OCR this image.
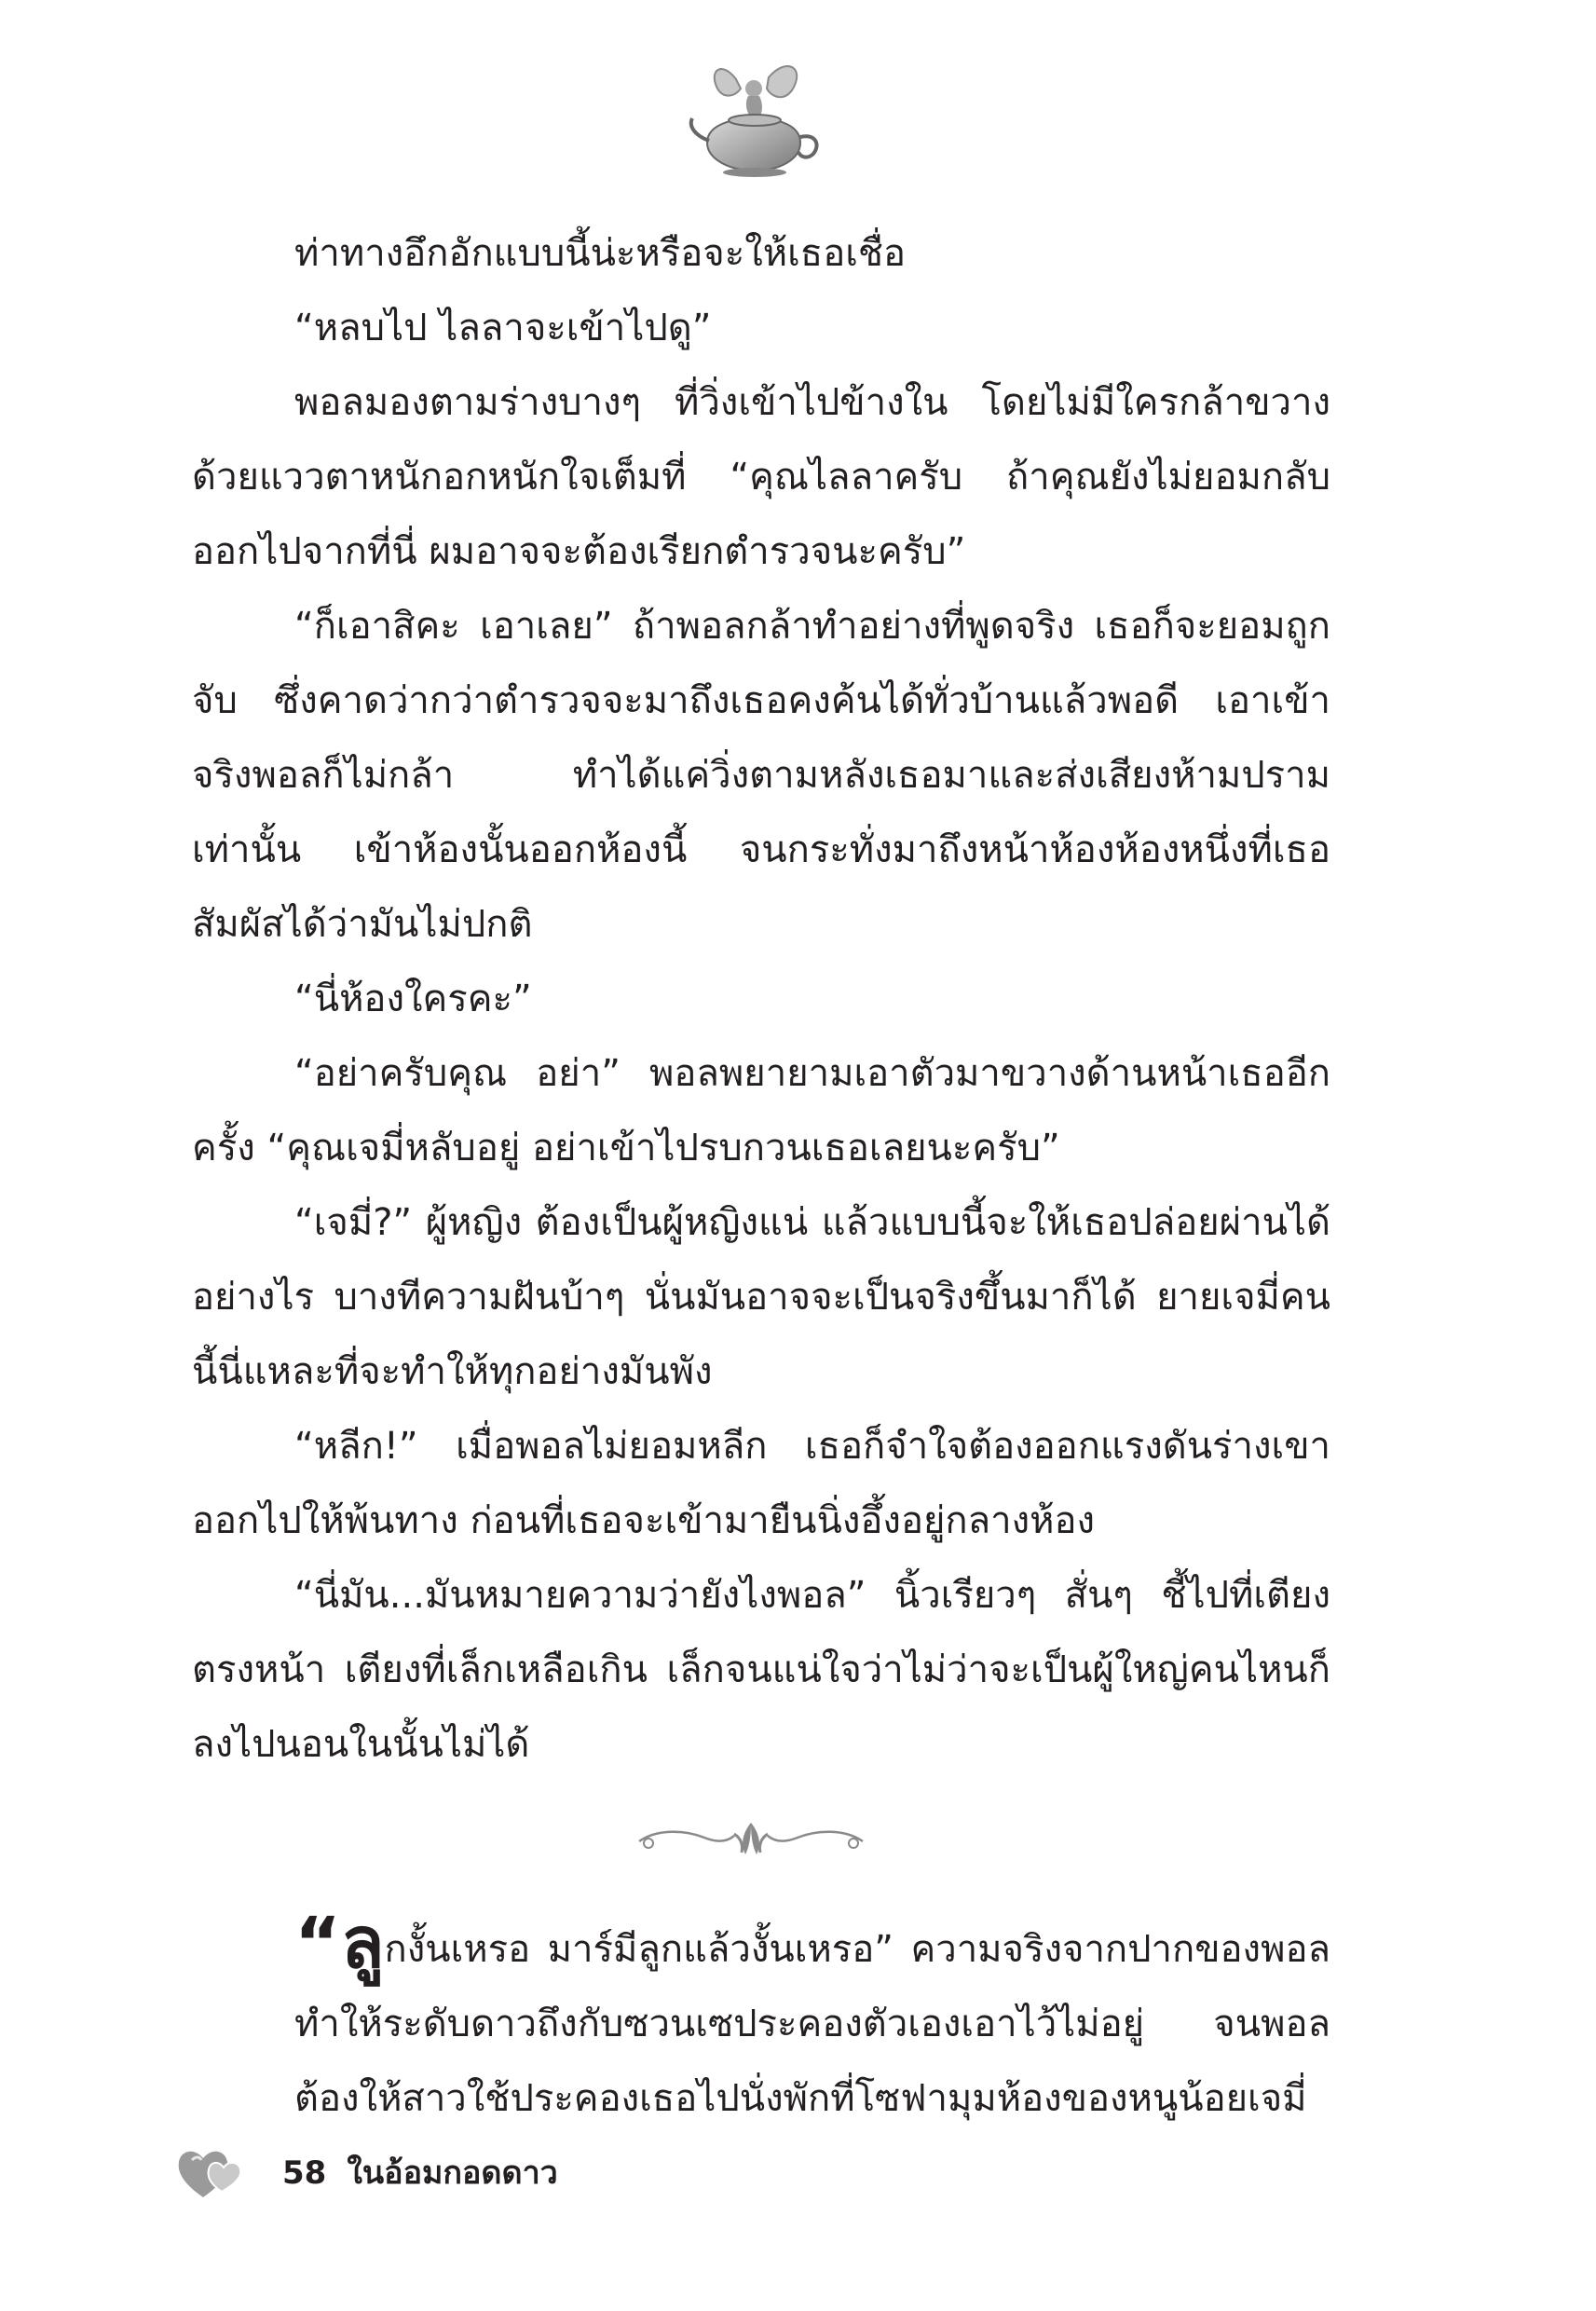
ท่าทางอึกอักแบบนี้น่ะหรือจะให้เธอเชื่อ

“หลบไป ไลลาจะเข้าไปดู”

พอลมองตามร่างบางๆ ที่วิ่งเข้าไปข้างใน โดยไม่มีใครกล้าขวางด้วยแววตาหนักอกหนักใจเต็มที่ “คุณไลลาครับ ถ้าคุณยังไม่ยอมกลับออกไปจากที่นี่ ผมอาจจะต้องเรียกตำรวจนะครับ”

“ก็เอาสิคะ เอาเลย” ถ้าพอลกล้าทำอย่างที่พูดจริง เธอก็จะยอมถูกจับ ซึ่งคาดว่ากว่าตำรวจจะมาถึงเธอคงค้นได้ทั่วบ้านแล้วพอดี เอาเข้าจริงพอลก็ไม่กล้า ทำได้แค่วิ่งตามหลังเธอมาและส่งเสียงห้ามปรามเท่านั้น เข้าห้องนั้นออกห้องนี้ จนกระทั่งมาถึงหน้าห้องห้องหนึ่งที่เธอสัมผัสได้ว่ามันไม่ปกติ

“นี่ห้องใครคะ”

“อย่าครับคุณ อย่า” พอลพยายามเอาตัวมาขวางด้านหน้าเธออีกครั้ง “คุณเจมี่หลับอยู่ อย่าเข้าไปรบกวนเธอเลยนะครับ”

“เจมี่?” ผู้หญิง ต้องเป็นผู้หญิงแน่ แล้วแบบนี้จะให้เธอปล่อยผ่านได้อย่างไร บางทีความฝันบ้าๆ นั่นมันอาจจะเป็นจริงขึ้นมาก็ได้ ยายเจมี่คนนี้นี่แหละที่จะทำให้ทุกอย่างมันพัง

“หลีก!” เมื่อพอลไม่ยอมหลีก เธอก็จำใจต้องออกแรงดันร่างเขาออกไปให้พ้นทาง ก่อนที่เธอจะเข้ามายืนนิ่งอึ้งอยู่กลางห้อง

“นี่มัน...มันหมายความว่ายังไงพอล” นิ้วเรียวๆ สั่นๆ ชี้ไปที่เตียงตรงหน้า เตียงที่เล็กเหลือเกิน เล็กจนแน่ใจว่าไม่ว่าจะเป็นผู้ใหญ่คนไหนก็ลงไปนอนในนั้นไม่ได้

“ลูกงั้นเหรอ มาร์มีลูกแล้วงั้นเหรอ” ความจริงจากปากของพอลทำให้ระดับดาวถึงกับซวนเซประคองตัวเองเอาไว้ไม่อยู่ จนพอลต้องให้สาวใช้ประคองเธอไปนั่งพักที่โซฟามุมห้องของหนูน้อยเจมี่

58 ในอ้อมกอดดาว
